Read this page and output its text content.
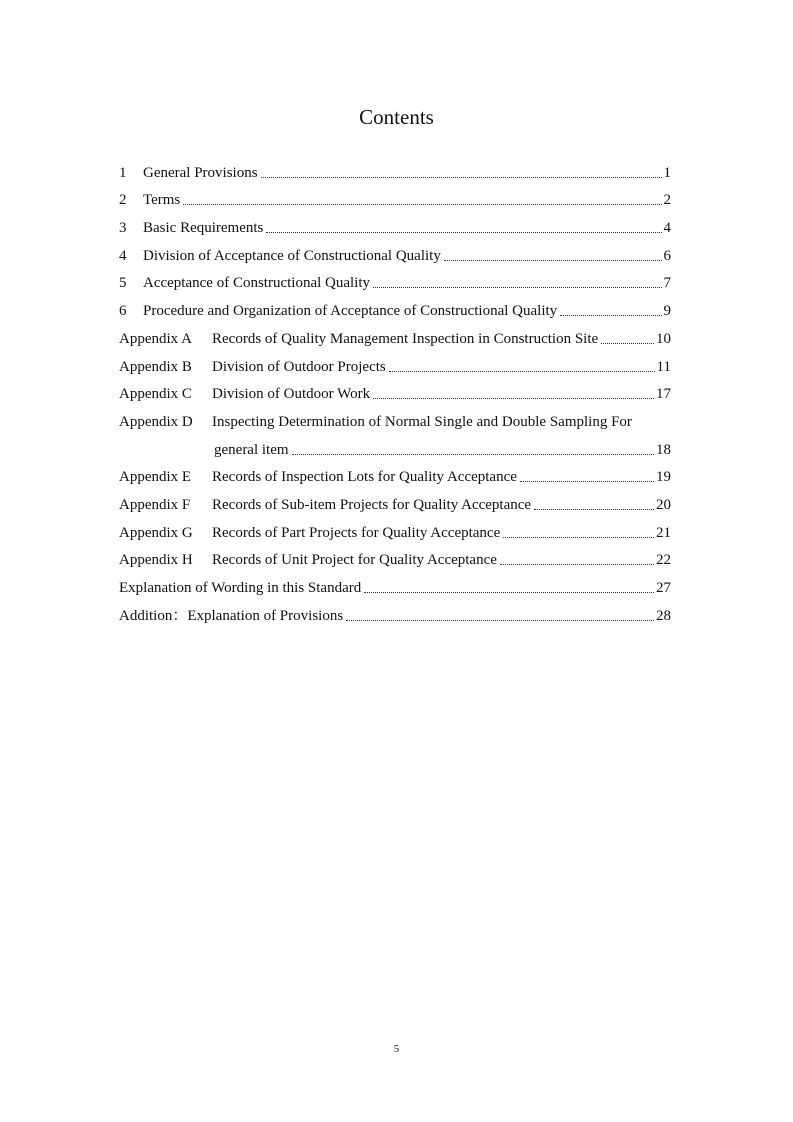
Contents
1	General Provisions	1
2	Terms	2
3	Basic Requirements	4
4	Division of Acceptance of Constructional Quality	6
5	Acceptance of Constructional Quality	7
6	Procedure and Organization of Acceptance of Constructional Quality	9
Appendix A	Records of Quality Management Inspection in Construction Site	10
Appendix B	Division of Outdoor Projects	11
Appendix C	Division of Outdoor Work	17
Appendix D	Inspecting Determination of Normal Single and Double Sampling For
general item	18
Appendix E	Records of Inspection Lots for Quality Acceptance	19
Appendix F	Records of Sub-item Projects for Quality Acceptance	20
Appendix G	Records of Part Projects for Quality Acceptance	21
Appendix H	Records of Unit Project for Quality Acceptance	22
Explanation of Wording in this Standard	27
Addition：Explanation of Provisions	28
5
